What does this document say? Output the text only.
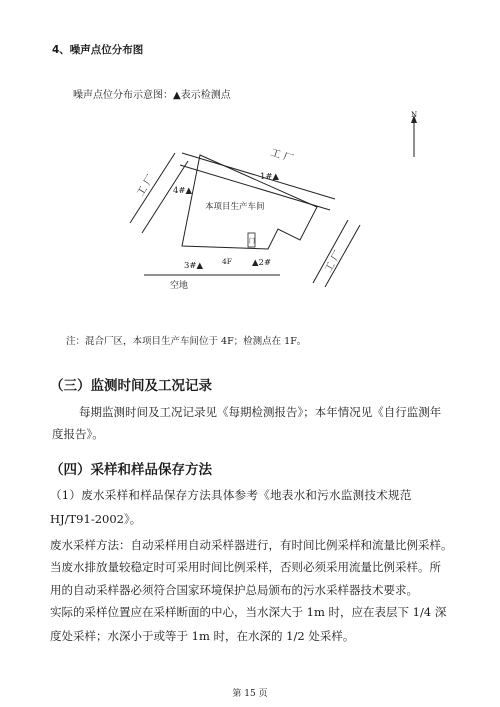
4、噪声点位分布图
噪声点位分布示意图：▲表示检测点
N
工 厂
工 厂
工 厂
本项目生产车间
门
1#▲
▲2#
3#▲
4#▲
4F
空地
注：混合厂区，本项目生产车间位于 4F；检测点在 1F。
（三）监测时间及工况记录
每期监测时间及工况记录见《每期检测报告》；本年情况见《自行监测年
度报告》。
（四）采样和样品保存方法
（1）废水采样和样品保存方法具体参考《地表水和污水监测技术规范
HJ/T91-2002》。
废水采样方法：自动采样用自动采样器进行，有时间比例采样和流量比例采样。
当废水排放量较稳定时可采用时间比例采样，否则必须采用流量比例采样。所
用的自动采样器必须符合国家环境保护总局颁布的污水采样器技术要求。
实际的采样位置应在采样断面的中心，当水深大于 1m 时，应在表层下 1/4 深
度处采样；水深小于或等于 1m 时，在水深的 1/2 处采样。
第 15 页
